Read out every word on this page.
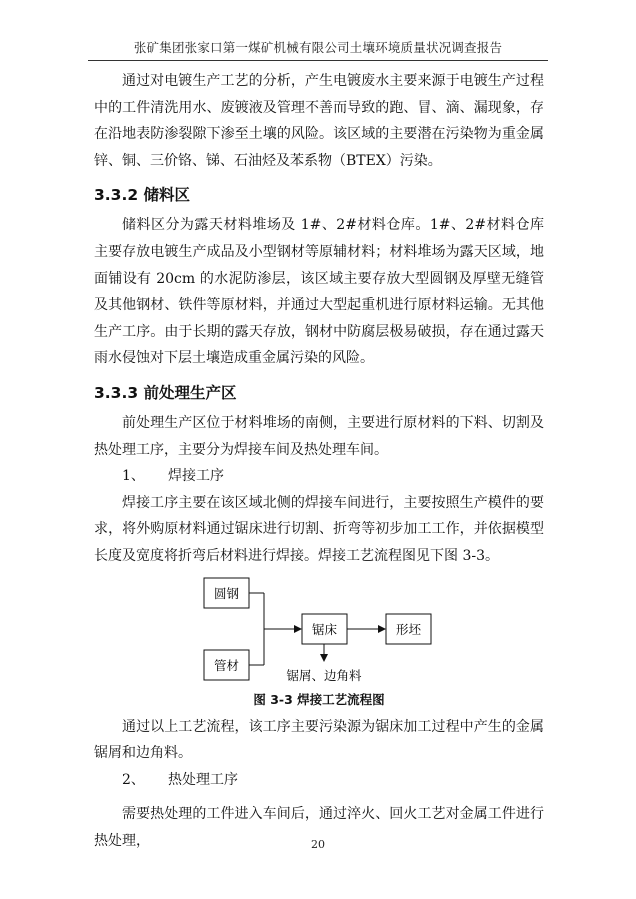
张矿集团张家口第一煤矿机械有限公司土壤环境质量状况调查报告

通过对电镀生产工艺的分析，产生电镀废水主要来源于电镀生产过程中的工件清洗用水、废镀液及管理不善而导致的跑、冒、滴、漏现象，存在沿地表防渗裂隙下渗至土壤的风险。该区域的主要潜在污染物为重金属锌、铜、三价铬、锑、石油烃及苯系物（BTEX）污染。

3.3.2 储料区

储料区分为露天材料堆场及 1#、2#材料仓库。1#、2#材料仓库主要存放电镀生产成品及小型钢材等原辅材料；材料堆场为露天区域，地面铺设有 20cm 的水泥防渗层，该区域主要存放大型圆钢及厚壁无缝管及其他钢材、铁件等原材料，并通过大型起重机进行原材料运输。无其他生产工序。由于长期的露天存放，钢材中防腐层极易破损，存在通过露天雨水侵蚀对下层土壤造成重金属污染的风险。

3.3.3 前处理生产区

前处理生产区位于材料堆场的南侧，主要进行原材料的下料、切割及热处理工序，主要分为焊接车间及热处理车间。

1、 焊接工序

焊接工序主要在该区域北侧的焊接车间进行，主要按照生产模件的要求，将外购原材料通过锯床进行切割、折弯等初步加工工作，并依据模型长度及宽度将折弯后材料进行焊接。焊接工艺流程图见下图 3-3。

圆钢
管材
锯床	形坯
锯屑、边角料
图 3-3 焊接工艺流程图

通过以上工艺流程，该工序主要污染源为锯床加工过程中产生的金属锯屑和边角料。

2、 热处理工序

需要热处理的工件进入车间后，通过淬火、回火工艺对金属工件进行热处理，	20
